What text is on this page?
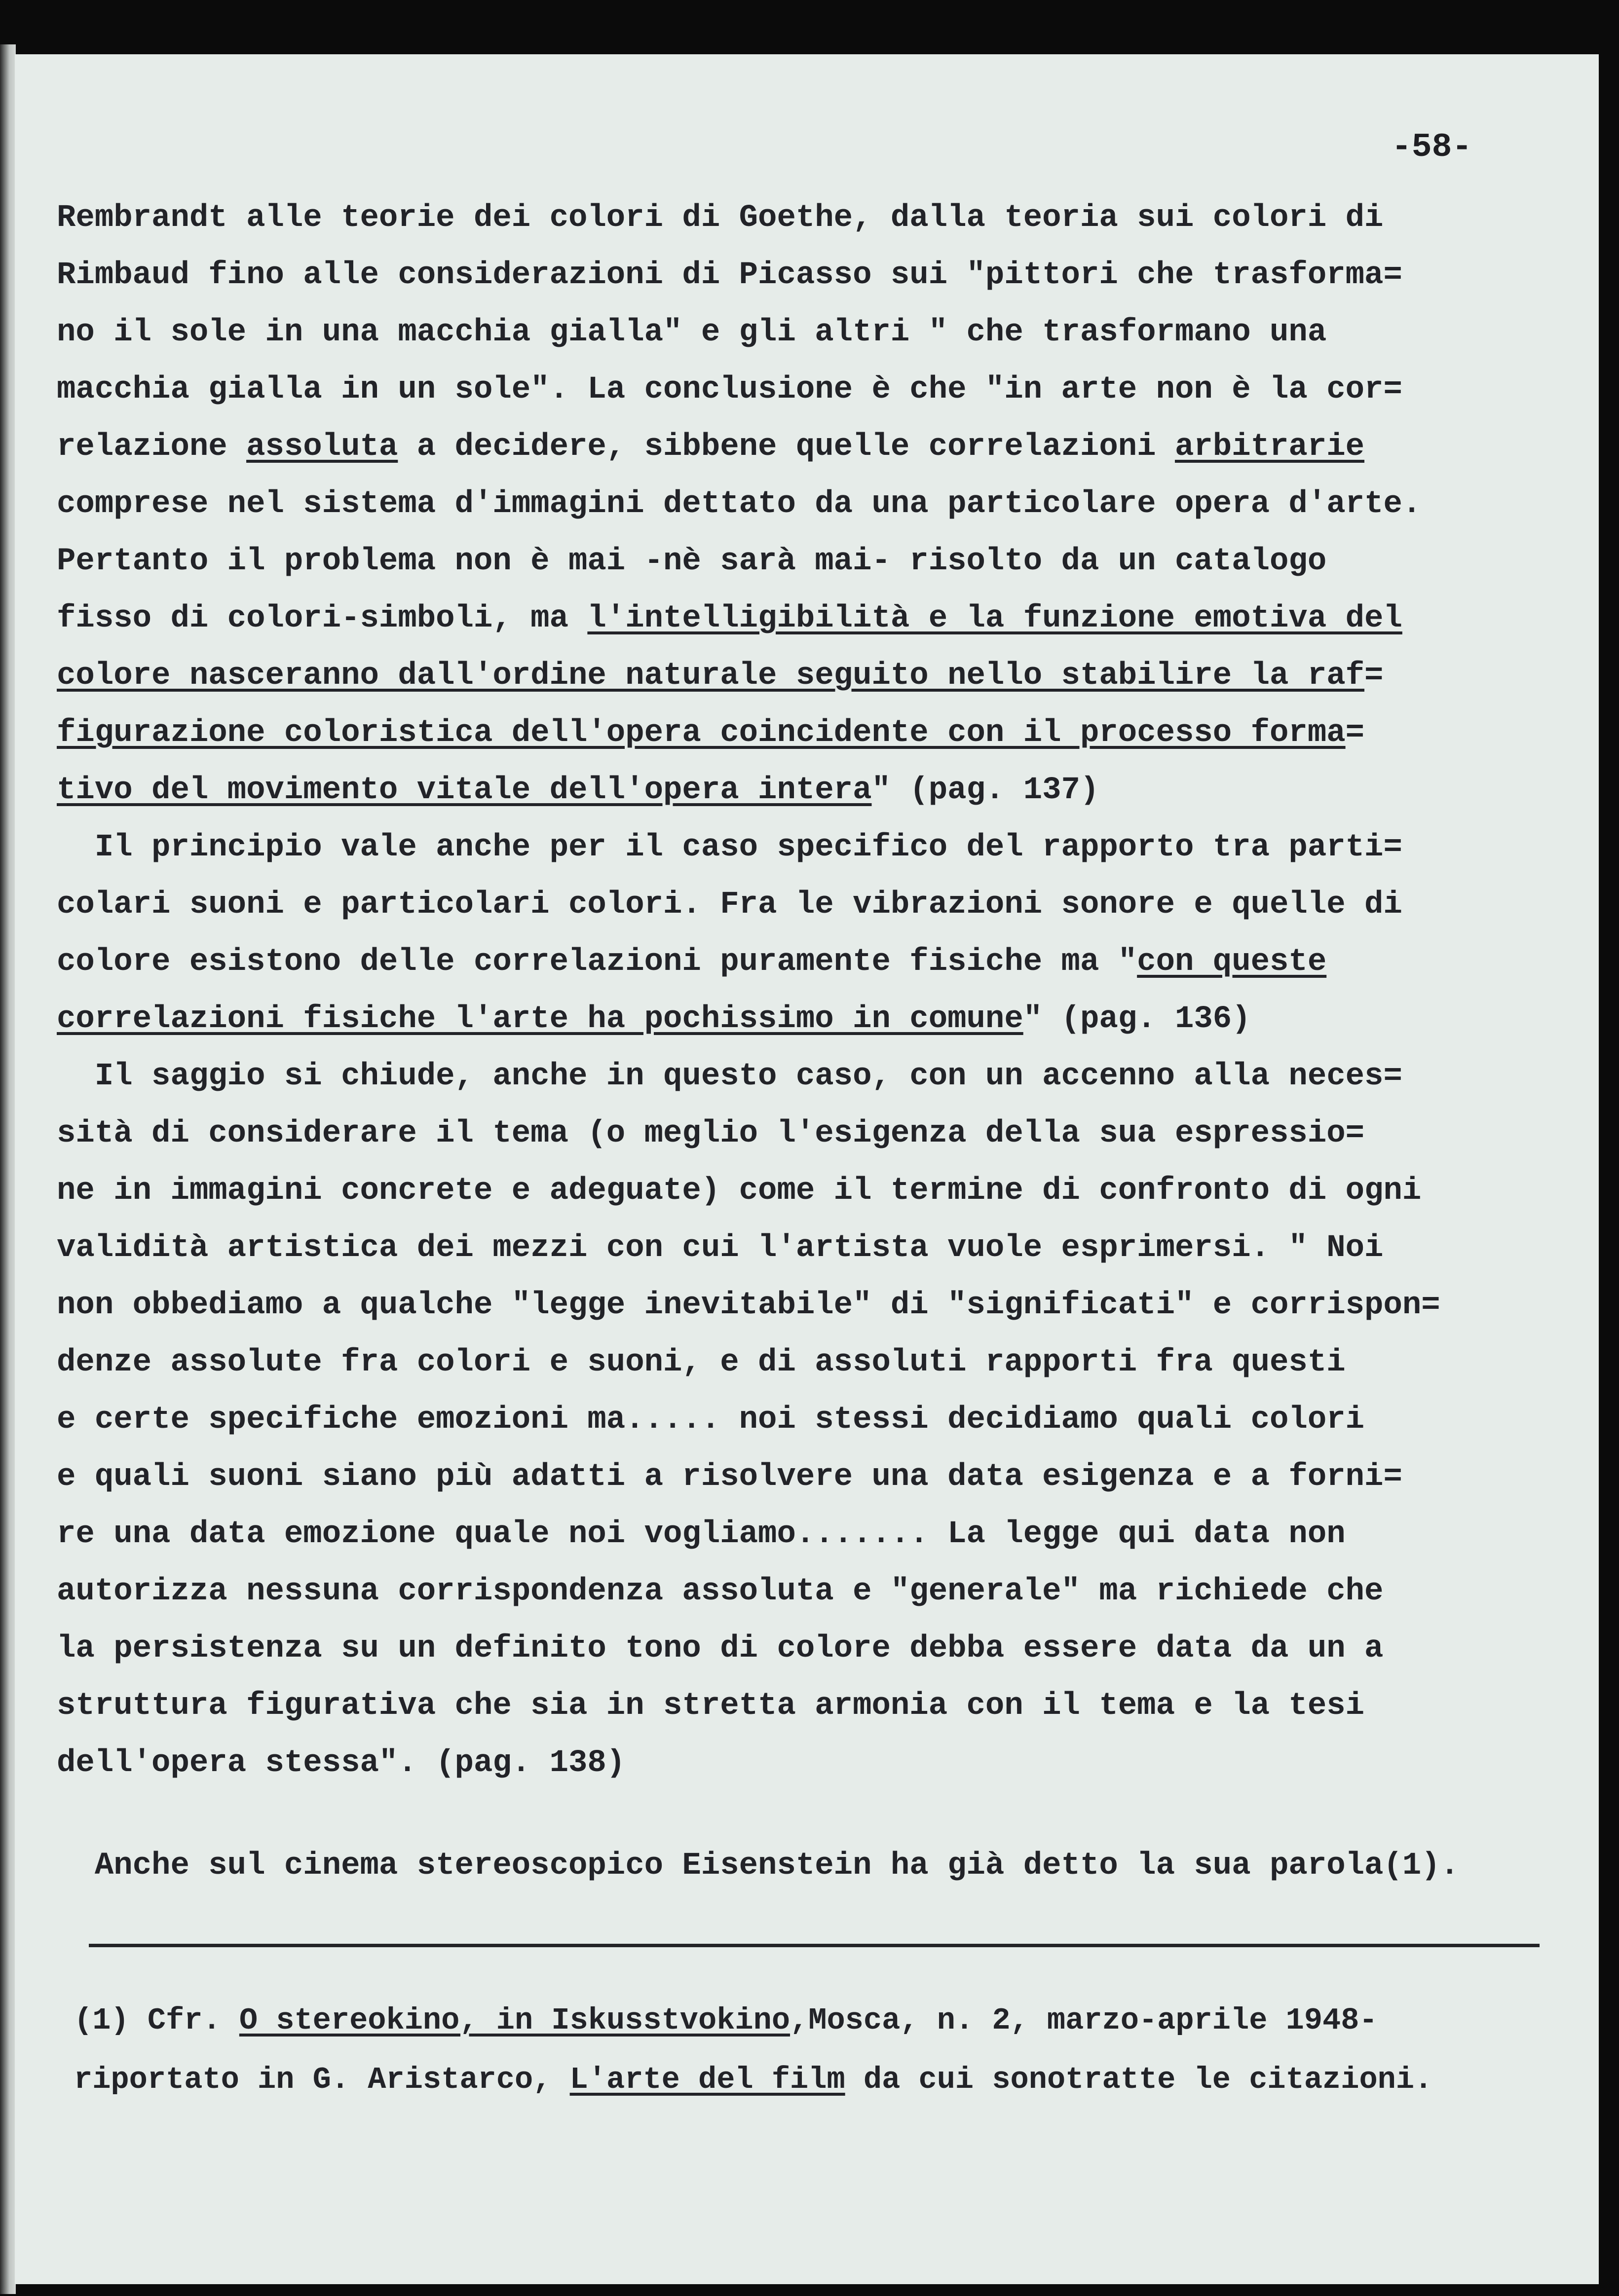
-58-
Rembrandt alle teorie dei colori di Goethe, dalla teoria sui colori di
Rimbaud fino alle considerazioni di Picasso sui "pittori che trasforma=
no il sole in una macchia gialla" e gli altri " che trasformano una
macchia gialla in un sole". La conclusione è che "in arte non è la cor=
relazione assoluta a decidere, sibbene quelle correlazioni arbitrarie
comprese nel sistema d'immagini dettato da una particolare opera d'arte.
Pertanto il problema non è mai -nè sarà mai- risolto da un catalogo
fisso di colori-simboli, ma l'intelligibilità e la funzione emotiva del
colore nasceranno dall'ordine naturale seguito nello stabilire la raf=
figurazione coloristica dell'opera coincidente con il processo forma=
tivo del movimento vitale dell'opera intera" (pag. 137)
Il principio vale anche per il caso specifico del rapporto tra parti=
colari suoni e particolari colori. Fra le vibrazioni sonore e quelle di
colore esistono delle correlazioni puramente fisiche ma "con queste
correlazioni fisiche l'arte ha pochissimo in comune" (pag. 136)
Il saggio si chiude, anche in questo caso, con un accenno alla neces=
sità di considerare il tema (o meglio l'esigenza della sua espressio=
ne in immagini concrete e adeguate) come il termine di confronto di ogni
validità artistica dei mezzi con cui l'artista vuole esprimersi. " Noi
non obbediamo a qualche "legge inevitabile" di "significati" e corrispon=
denze assolute fra colori e suoni, e di assoluti rapporti fra questi
e certe specifiche emozioni ma..... noi stessi decidiamo quali colori
e quali suoni siano più adatti a risolvere una data esigenza e a forni=
re una data emozione quale noi vogliamo....... La legge qui data non
autorizza nessuna corrispondenza assoluta e "generale" ma richiede che
la persistenza su un definito tono di colore debba essere data da un a
struttura figurativa che sia in stretta armonia con il tema e la tesi
dell'opera stessa". (pag. 138)
Anche sul cinema stereoscopico Eisenstein ha già detto la sua parola(1).
(1) Cfr. O stereokino, in Iskusstvokino,Mosca, n. 2, marzo-aprile 1948-
riportato in G. Aristarco, L'arte del film da cui sonotratte le citazioni.
